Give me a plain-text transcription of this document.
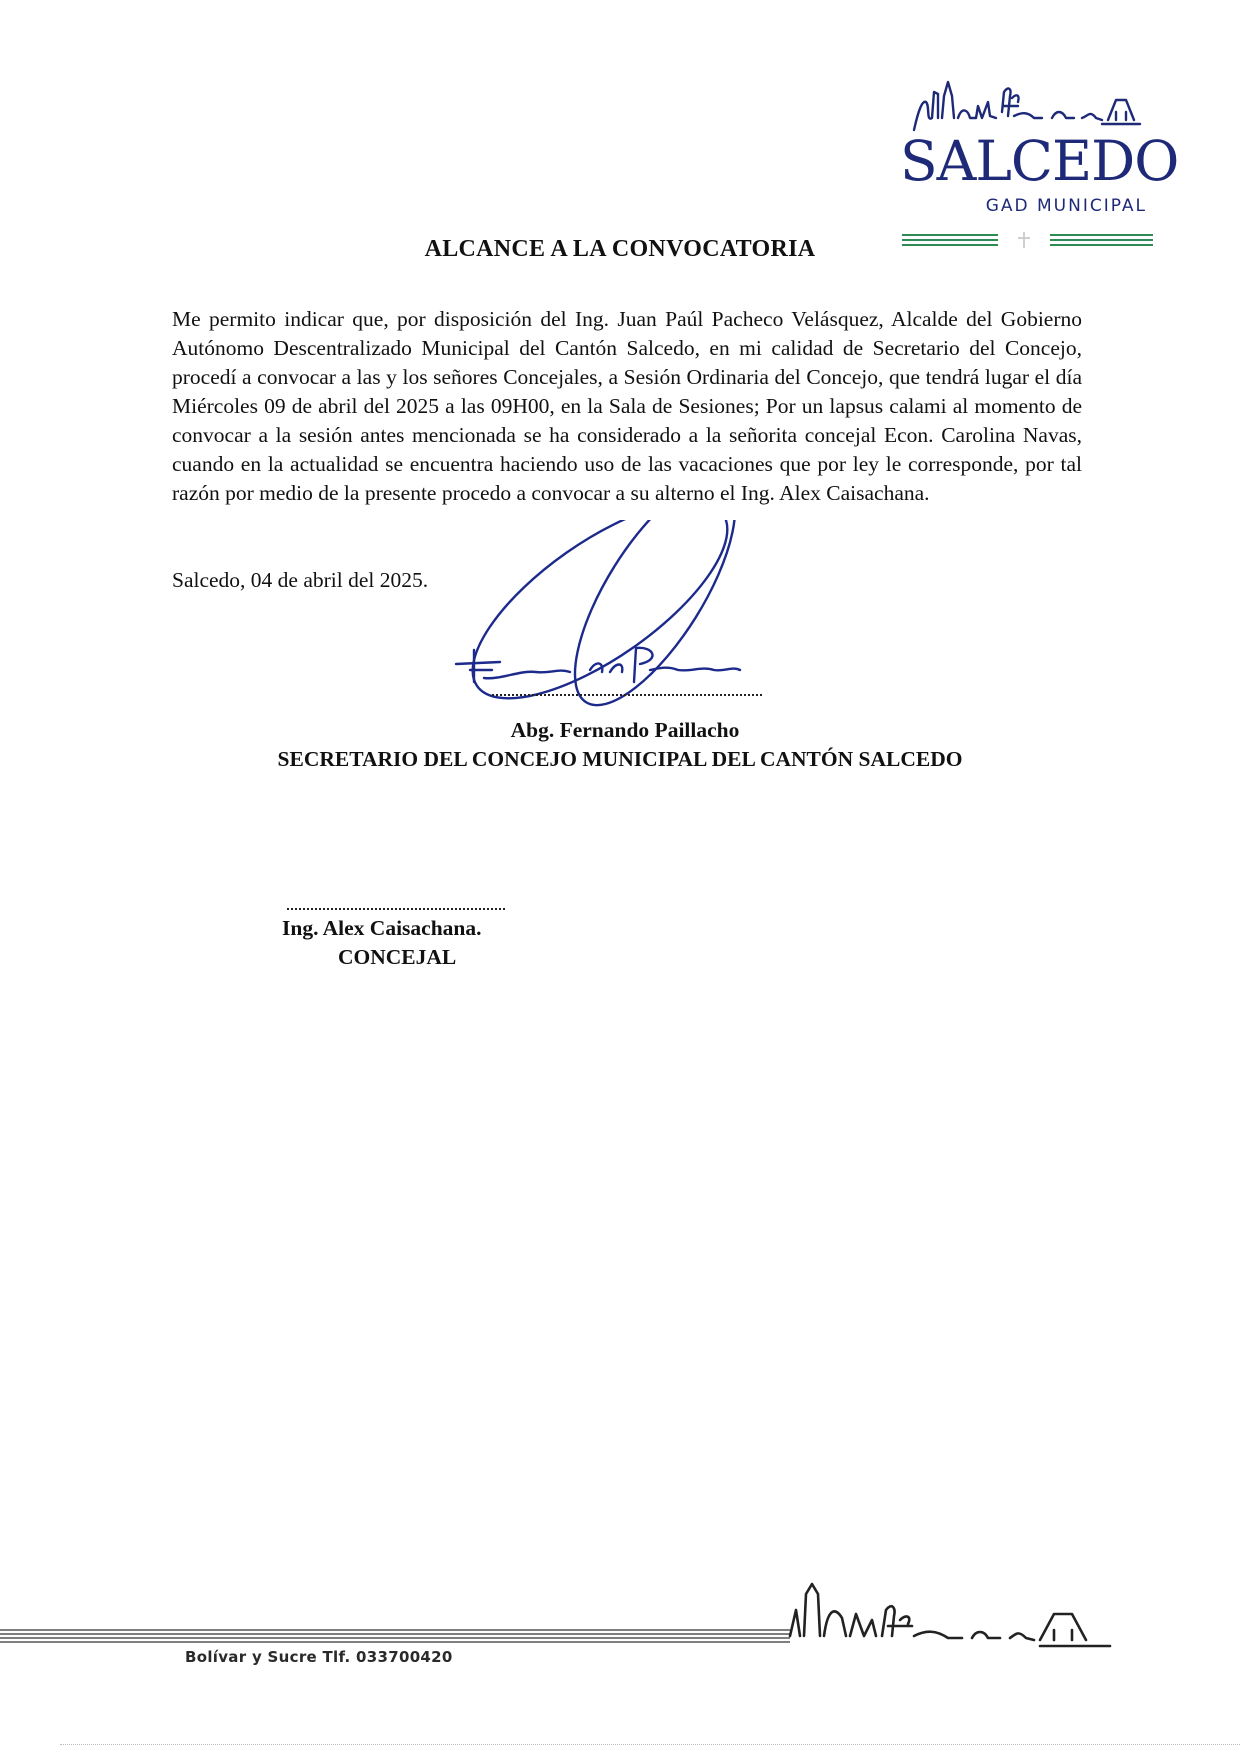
SALCEDO
GAD MUNICIPAL
ALCANCE A LA CONVOCATORIA
Me permito indicar que, por disposición del Ing. Juan Paúl Pacheco Velásquez, Alcalde del Gobierno Autónomo Descentralizado Municipal del Cantón Salcedo, en mi calidad de Secretario del Concejo, procedí a convocar a las y los señores Concejales, a Sesión Ordinaria del Concejo, que tendrá lugar el día Miércoles 09 de abril del 2025 a las 09H00, en la Sala de Sesiones; Por un lapsus calami al momento de convocar a la sesión antes mencionada se ha considerado a la señorita concejal Econ. Carolina Navas, cuando en la actualidad se encuentra haciendo uso de las vacaciones que por ley le corresponde, por tal razón por medio de la presente procedo a convocar a su alterno el Ing. Alex Caisachana.
Salcedo, 04 de abril del 2025.
Abg. Fernando Paillacho
SECRETARIO DEL CONCEJO MUNICIPAL DEL CANTÓN SALCEDO
Ing. Alex Caisachana.
CONCEJAL
Bolívar y Sucre Tlf. 033700420
